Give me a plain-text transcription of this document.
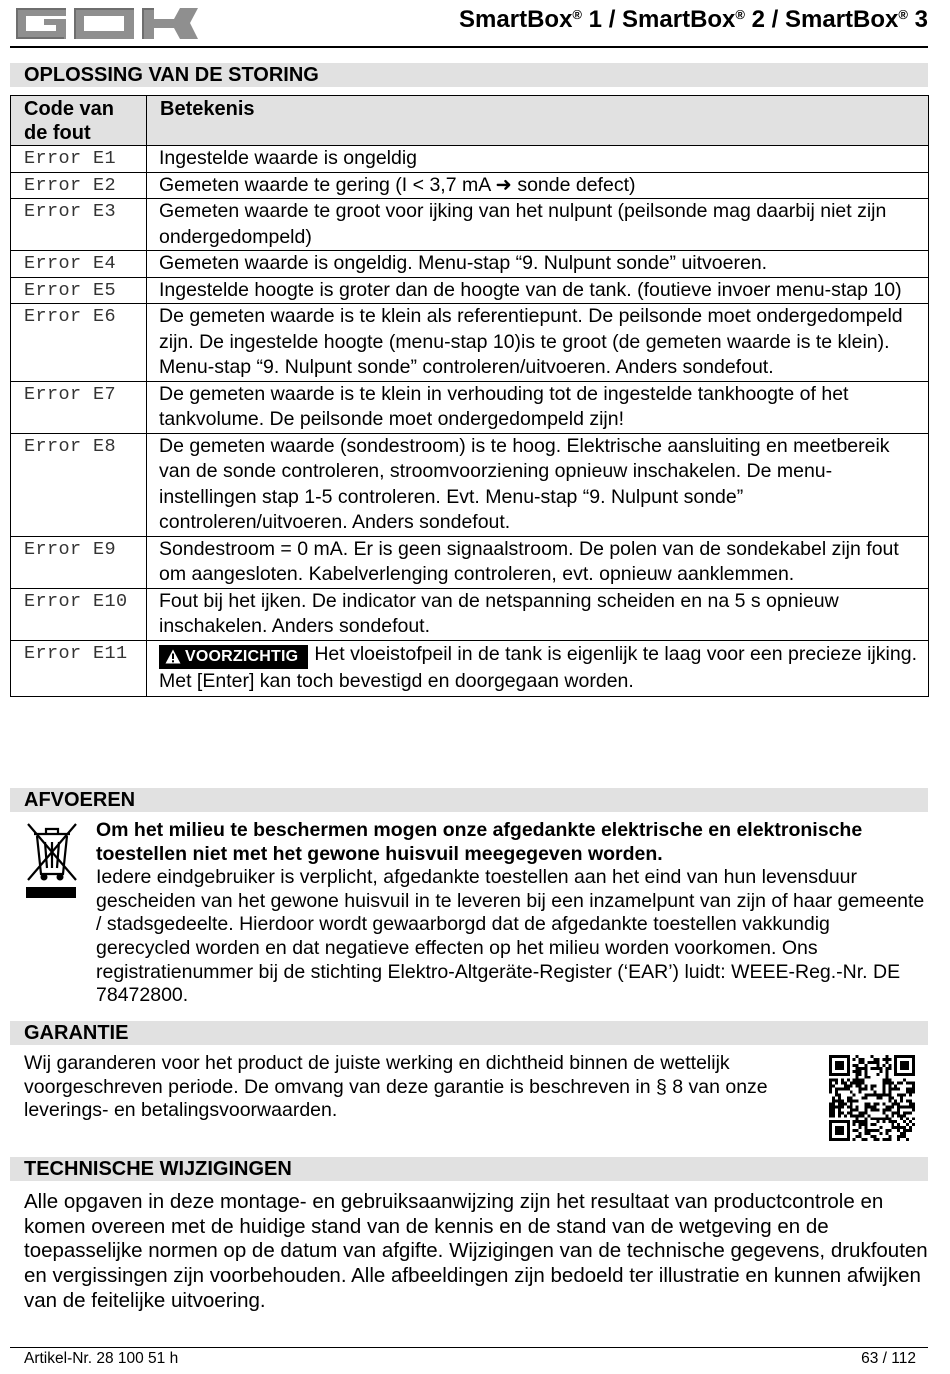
SmartBox® 1 / SmartBox® 2 / SmartBox® 3
OPLOSSING VAN DE STORING
Code van de fout	Betekenis
Error E1	Ingestelde waarde is ongeldig
Error E2	Gemeten waarde te gering (I < 3,7 mA ➜ sonde defect)
Error E3	Gemeten waarde te groot voor ijking van het nulpunt (peilsonde mag daarbij niet zijn ondergedompeld)
Error E4	Gemeten waarde is ongeldig. Menu-stap “9. Nulpunt sonde” uitvoeren.
Error E5	Ingestelde hoogte is groter dan de hoogte van de tank. (foutieve invoer menu-stap 10)
Error E6	De gemeten waarde is te klein als referentiepunt. De peilsonde moet ondergedompeld zijn. De ingestelde hoogte (menu-stap 10)is te groot (de gemeten waarde is te klein). Menu-stap “9. Nulpunt sonde” controleren/uitvoeren. Anders sondefout.
Error E7	De gemeten waarde is te klein in verhouding tot de ingestelde tankhoogte of het tankvolume. De peilsonde moet ondergedompeld zijn!
Error E8	De gemeten waarde (sondestroom) is te hoog. Elektrische aansluiting en meetbereik van de sonde controleren, stroomvoorziening opnieuw inschakelen. De menu-instellingen stap 1-5 controleren. Evt. Menu-stap “9. Nulpunt sonde” controleren/uitvoeren. Anders sondefout.
Error E9	Sondestroom = 0 mA. Er is geen signaalstroom. De polen van de sondekabel zijn fout om aangesloten. Kabelverlenging controleren, evt. opnieuw aanklemmen.
Error E10	Fout bij het ijken. De indicator van de netspanning scheiden en na 5 s opnieuw inschakelen. Anders sondefout.
Error E11	VOORZICHTIG Het vloeistofpeil in de tank is eigenlijk te laag voor een precieze ijking. Met [Enter] kan toch bevestigd en doorgegaan worden.
AFVOEREN
Om het milieu te beschermen mogen onze afgedankte elektrische en elektronische toestellen niet met het gewone huisvuil meegegeven worden.
Iedere eindgebruiker is verplicht, afgedankte toestellen aan het eind van hun levensduur gescheiden van het gewone huisvuil in te leveren bij een inzamelpunt van zijn of haar gemeente / stadsgedeelte. Hierdoor wordt gewaarborgd dat de afgedankte toestellen vakkundig gerecycled worden en dat negatieve effecten op het milieu worden voorkomen. Ons registratienummer bij de stichting Elektro-Altgeräte-Register (‘EAR’) luidt: WEEE-Reg.-Nr. DE 78472800.
GARANTIE
Wij garanderen voor het product de juiste werking en dichtheid binnen de wettelijk voorgeschreven periode. De omvang van deze garantie is beschreven in § 8 van onze leverings- en betalingsvoorwaarden.
TECHNISCHE WIJZIGINGEN
Alle opgaven in deze montage- en gebruiksaanwijzing zijn het resultaat van productcontrole en komen overeen met de huidige stand van de kennis en de stand van de wetgeving en de toepasselijke normen op de datum van afgifte. Wijzigingen van de technische gegevens, drukfouten en vergissingen zijn voorbehouden. Alle afbeeldingen zijn bedoeld ter illustratie en kunnen afwijken van de feitelijke uitvoering.
Artikel-Nr. 28 100 51 h	63 / 112
